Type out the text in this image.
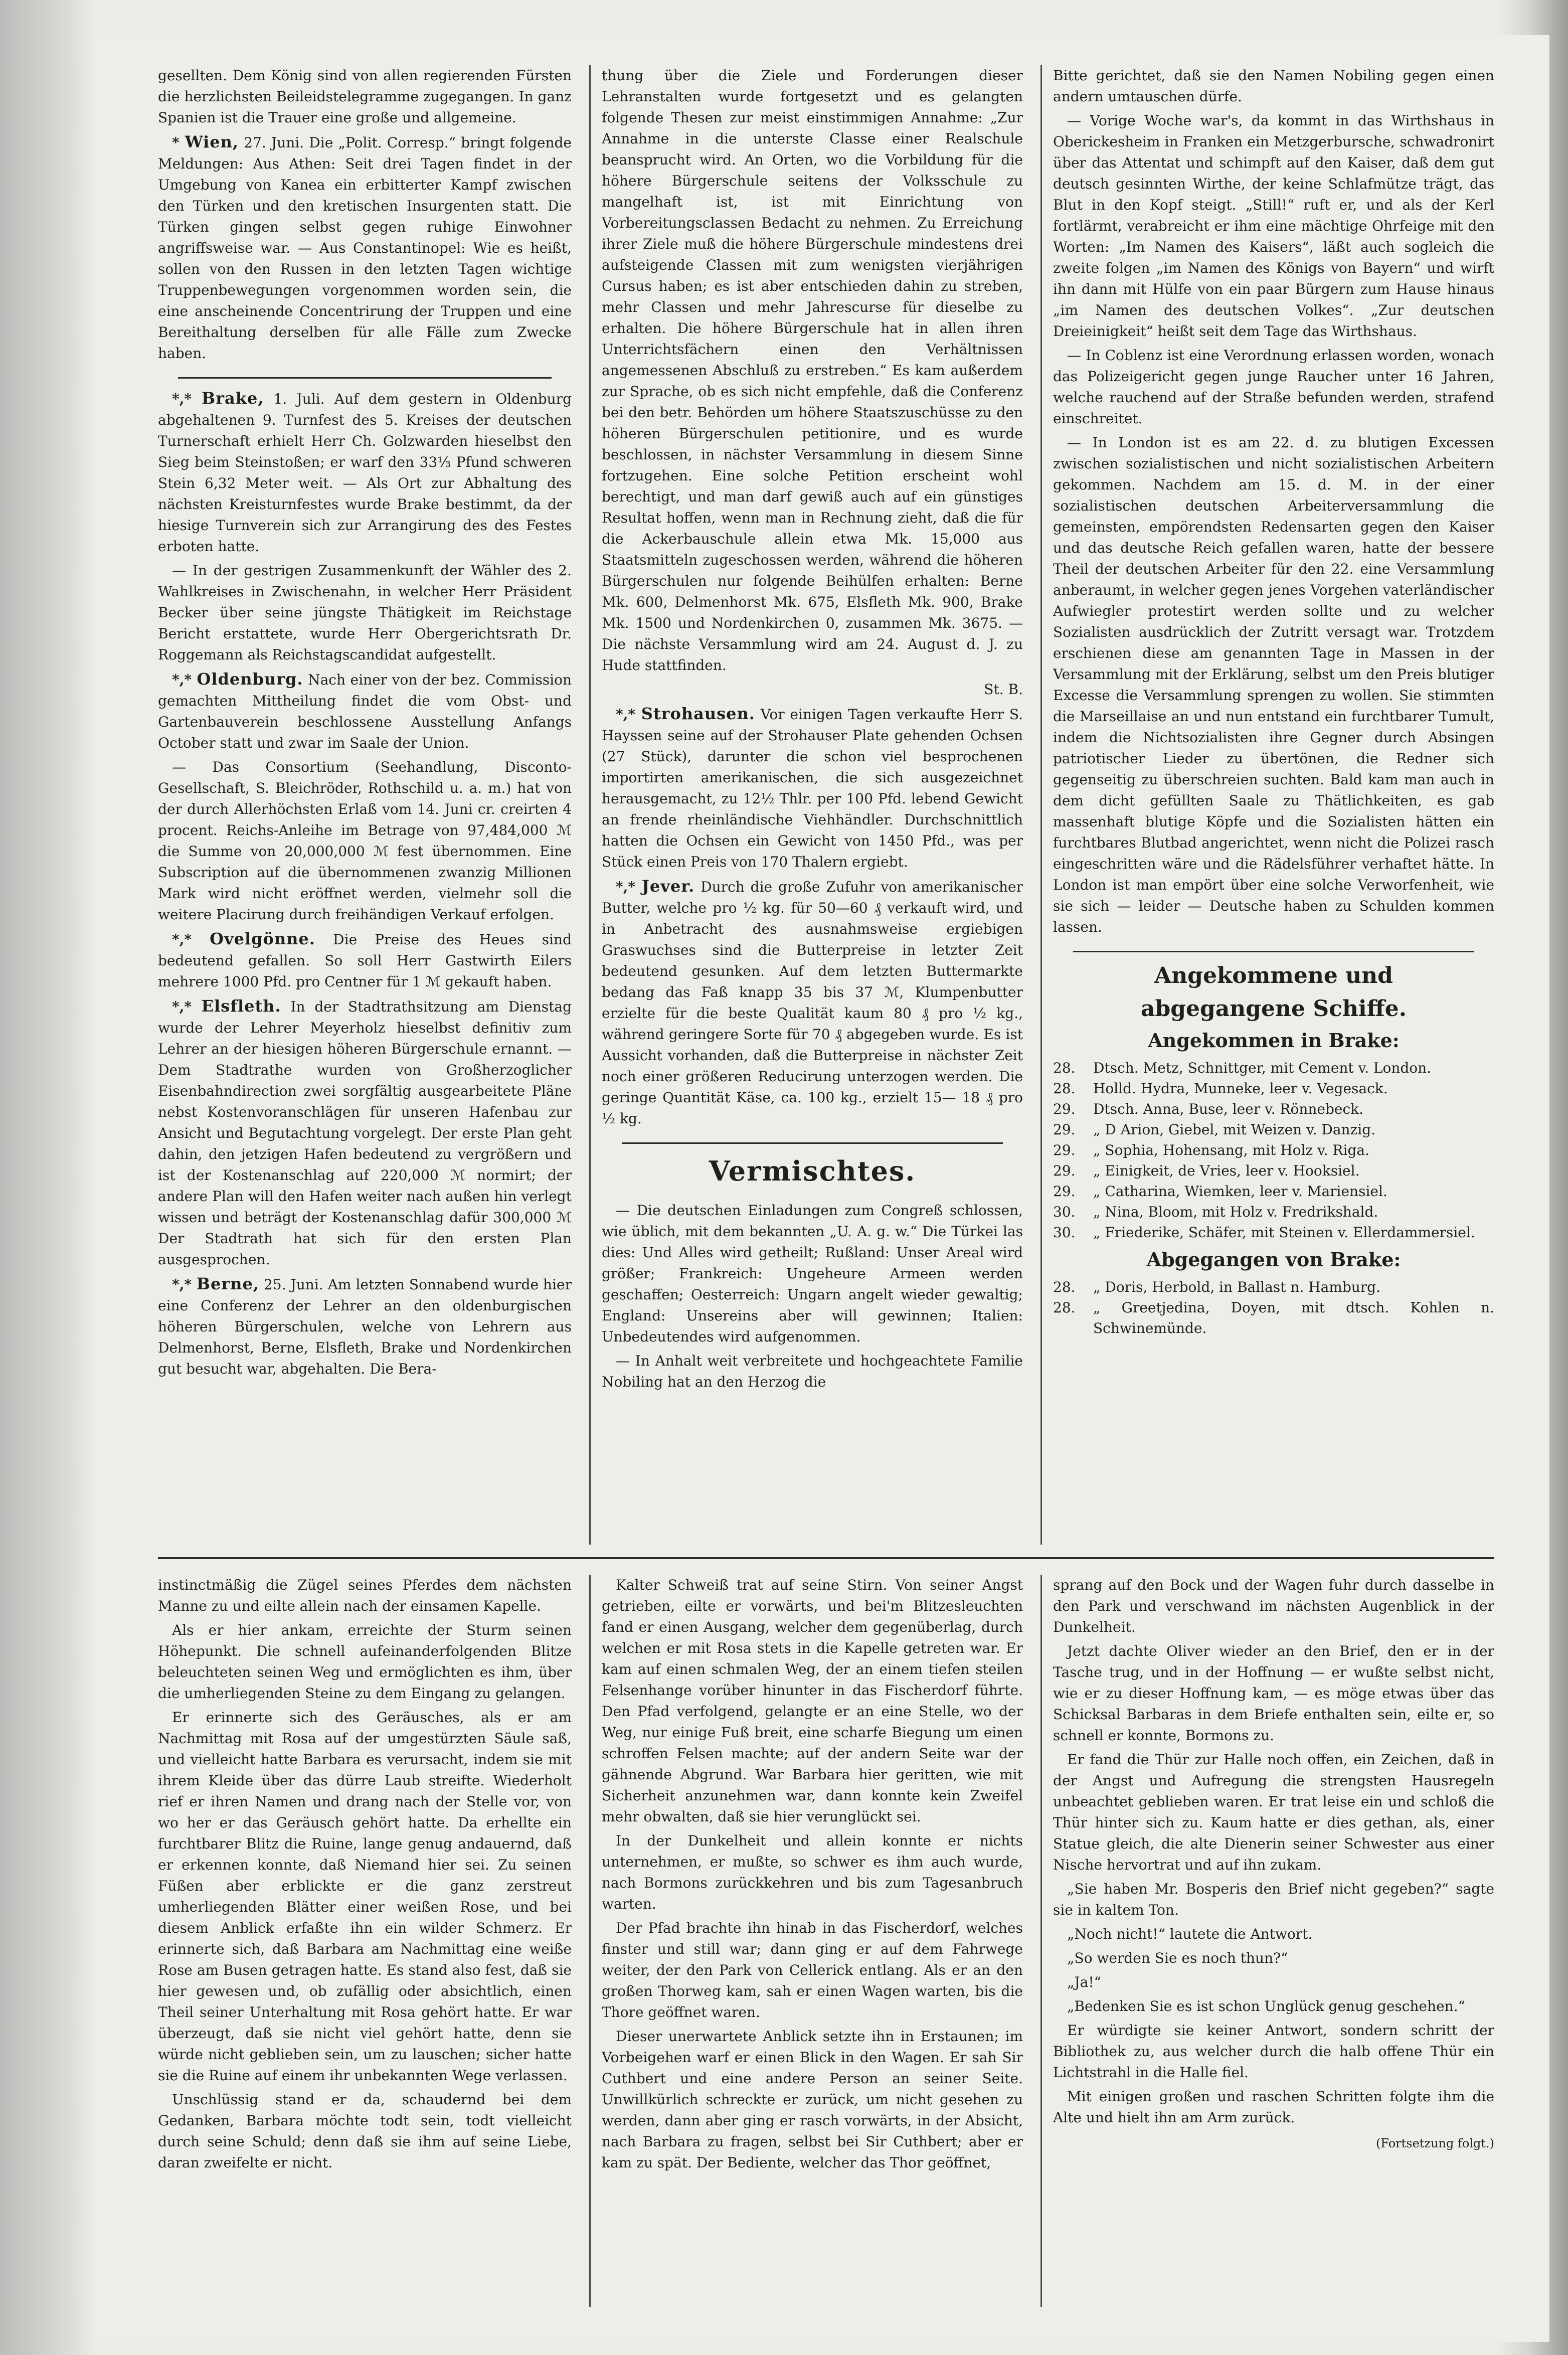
gesellten. Dem König sind von allen regierenden Fürsten die herzlichsten Beileidstelegramme zugegangen. In ganz Spanien ist die Trauer eine große und allgemeine.

* Wien, 27. Juni. Die „Polit. Corresp.“ bringt folgende Meldungen: Aus Athen: Seit drei Tagen findet in der Umgebung von Kanea ein erbitterter Kampf zwischen den Türken und den kretischen Insurgenten statt. Die Türken gingen selbst gegen ruhige Einwohner angriffsweise war. — Aus Constantinopel: Wie es heißt, sollen von den Russen in den letzten Tagen wichtige Truppenbewegungen vorgenommen worden sein, die eine anscheinende Concentrirung der Truppen und eine Bereithaltung derselben für alle Fälle zum Zwecke haben.

*,* Brake, 1. Juli. Auf dem gestern in Oldenburg abgehaltenen 9. Turnfest des 5. Kreises der deutschen Turnerschaft erhielt Herr Ch. Golzwarden hieselbst den Sieg beim Steinstoßen; er warf den 33⅓ Pfund schweren Stein 6,32 Meter weit. — Als Ort zur Abhaltung des nächsten Kreisturnfestes wurde Brake bestimmt, da der hiesige Turnverein sich zur Arrangirung des des Festes erboten hatte.

— In der gestrigen Zusammenkunft der Wähler des 2. Wahlkreises in Zwischenahn, in welcher Herr Präsident Becker über seine jüngste Thätigkeit im Reichstage Bericht erstattete, wurde Herr Obergerichtsrath Dr. Roggemann als Reichstagscandidat aufgestellt.

*,* Oldenburg. Nach einer von der bez. Commission gemachten Mittheilung findet die vom Obst- und Gartenbauverein beschlossene Ausstellung Anfangs October statt und zwar im Saale der Union.

— Das Consortium (Seehandlung, Disconto-Gesellschaft, S. Bleichröder, Rothschild u. a. m.) hat von der durch Allerhöchsten Erlaß vom 14. Juni cr. creirten 4 procent. Reichs-Anleihe im Betrage von 97,484,000 ℳ die Summe von 20,000,000 ℳ fest übernommen. Eine Subscription auf die übernommenen zwanzig Millionen Mark wird nicht eröffnet werden, vielmehr soll die weitere Placirung durch freihändigen Verkauf erfolgen.

*,* Ovelgönne. Die Preise des Heues sind bedeutend gefallen. So soll Herr Gastwirth Eilers mehrere 1000 Pfd. pro Centner für 1 ℳ gekauft haben.

*,* Elsfleth. In der Stadtrathsitzung am Dienstag wurde der Lehrer Meyerholz hieselbst definitiv zum Lehrer an der hiesigen höheren Bürgerschule ernannt. — Dem Stadtrathe wurden von Großherzoglicher Eisenbahndirection zwei sorgfältig ausgearbeitete Pläne nebst Kostenvoranschlägen für unseren Hafenbau zur Ansicht und Begutachtung vorgelegt. Der erste Plan geht dahin, den jetzigen Hafen bedeutend zu vergrößern und ist der Kostenanschlag auf 220,000 ℳ normirt; der andere Plan will den Hafen weiter nach außen hin verlegt wissen und beträgt der Kostenanschlag dafür 300,000 ℳ Der Stadtrath hat sich für den ersten Plan ausgesprochen.

*,* Berne, 25. Juni. Am letzten Sonnabend wurde hier eine Conferenz der Lehrer an den oldenburgischen höheren Bürgerschulen, welche von Lehrern aus Delmenhorst, Berne, Elsfleth, Brake und Nordenkirchen gut besucht war, abgehalten. Die Bera-

thung über die Ziele und Forderungen dieser Lehranstalten wurde fortgesetzt und es gelangten folgende Thesen zur meist einstimmigen Annahme: „Zur Annahme in die unterste Classe einer Realschule beansprucht wird. An Orten, wo die Vorbildung für die höhere Bürgerschule seitens der Volksschule zu mangelhaft ist, ist mit Einrichtung von Vorbereitungsclassen Bedacht zu nehmen. Zu Erreichung ihrer Ziele muß die höhere Bürgerschule mindestens drei aufsteigende Classen mit zum wenigsten vierjährigen Cursus haben; es ist aber entschieden dahin zu streben, mehr Classen und mehr Jahrescurse für dieselbe zu erhalten. Die höhere Bürgerschule hat in allen ihren Unterrichtsfächern einen den Verhältnissen angemessenen Abschluß zu erstreben.“ Es kam außerdem zur Sprache, ob es sich nicht empfehle, daß die Conferenz bei den betr. Behörden um höhere Staatszuschüsse zu den höheren Bürgerschulen petitionire, und es wurde beschlossen, in nächster Versammlung in diesem Sinne fortzugehen. Eine solche Petition erscheint wohl berechtigt, und man darf gewiß auch auf ein günstiges Resultat hoffen, wenn man in Rechnung zieht, daß die für die Ackerbauschule allein etwa Mk. 15,000 aus Staatsmitteln zugeschossen werden, während die höheren Bürgerschulen nur folgende Beihülfen erhalten: Berne Mk. 600, Delmenhorst Mk. 675, Elsfleth Mk. 900, Brake Mk. 1500 und Nordenkirchen 0, zusammen Mk. 3675. — Die nächste Versammlung wird am 24. August d. J. zu Hude stattfinden.

St. B.

*,* Strohausen. Vor einigen Tagen verkaufte Herr S. Hayssen seine auf der Strohauser Plate gehenden Ochsen (27 Stück), darunter die schon viel besprochenen importirten amerikanischen, die sich ausgezeichnet herausgemacht, zu 12½ Thlr. per 100 Pfd. lebend Gewicht an frende rheinländische Viehhändler. Durchschnittlich hatten die Ochsen ein Gewicht von 1450 Pfd., was per Stück einen Preis von 170 Thalern ergiebt.

*,* Jever. Durch die große Zufuhr von amerikanischer Butter, welche pro ½ kg. für 50—60 ₰ verkauft wird, und in Anbetracht des ausnahmsweise ergiebigen Graswuchses sind die Butterpreise in letzter Zeit bedeutend gesunken. Auf dem letzten Buttermarkte bedang das Faß knapp 35 bis 37 ℳ, Klumpenbutter erzielte für die beste Qualität kaum 80 ₰ pro ½ kg., während geringere Sorte für 70 ₰ abgegeben wurde. Es ist Aussicht vorhanden, daß die Butterpreise in nächster Zeit noch einer größeren Reducirung unterzogen werden. Die geringe Quantität Käse, ca. 100 kg., erzielt 15— 18 ₰ pro ½ kg.

Vermischtes.

— Die deutschen Einladungen zum Congreß schlossen, wie üblich, mit dem bekannten „U. A. g. w.“ Die Türkei las dies: Und Alles wird getheilt; Rußland: Unser Areal wird größer; Frankreich: Ungeheure Armeen werden geschaffen; Oesterreich: Ungarn angelt wieder gewaltig; England: Unsereins aber will gewinnen; Italien: Unbedeutendes wird aufgenommen.

— In Anhalt weit verbreitete und hochgeachtete Familie Nobiling hat an den Herzog die

Bitte gerichtet, daß sie den Namen Nobiling gegen einen andern umtauschen dürfe.

— Vorige Woche war's, da kommt in das Wirthshaus in Oberickesheim in Franken ein Metzgerbursche, schwadronirt über das Attentat und schimpft auf den Kaiser, daß dem gut deutsch gesinnten Wirthe, der keine Schlafmütze trägt, das Blut in den Kopf steigt. „Still!“ ruft er, und als der Kerl fortlärmt, verabreicht er ihm eine mächtige Ohrfeige mit den Worten: „Im Namen des Kaisers“, läßt auch sogleich die zweite folgen „im Namen des Königs von Bayern“ und wirft ihn dann mit Hülfe von ein paar Bürgern zum Hause hinaus „im Namen des deutschen Volkes“. „Zur deutschen Dreieinigkeit“ heißt seit dem Tage das Wirthshaus.

— In Coblenz ist eine Verordnung erlassen worden, wonach das Polizeigericht gegen junge Raucher unter 16 Jahren, welche rauchend auf der Straße befunden werden, strafend einschreitet.

— In London ist es am 22. d. zu blutigen Excessen zwischen sozialistischen und nicht sozialistischen Arbeitern gekommen. Nachdem am 15. d. M. in der einer sozialistischen deutschen Arbeiterversammlung die gemeinsten, empörendsten Redensarten gegen den Kaiser und das deutsche Reich gefallen waren, hatte der bessere Theil der deutschen Arbeiter für den 22. eine Versammlung anberaumt, in welcher gegen jenes Vorgehen vaterländischer Aufwiegler protestirt werden sollte und zu welcher Sozialisten ausdrücklich der Zutritt versagt war. Trotzdem erschienen diese am genannten Tage in Massen in der Versammlung mit der Erklärung, selbst um den Preis blutiger Excesse die Versammlung sprengen zu wollen. Sie stimmten die Marseillaise an und nun entstand ein furchtbarer Tumult, indem die Nichtsozialisten ihre Gegner durch Absingen patriotischer Lieder zu übertönen, die Redner sich gegenseitig zu überschreien suchten. Bald kam man auch in dem dicht gefüllten Saale zu Thätlichkeiten, es gab massenhaft blutige Köpfe und die Sozialisten hätten ein furchtbares Blutbad angerichtet, wenn nicht die Polizei rasch eingeschritten wäre und die Rädelsführer verhaftet hätte. In London ist man empört über eine solche Verworfenheit, wie sie sich — leider — Deutsche haben zu Schulden kommen lassen.

Angekommene und
abgegangene Schiffe.
Angekommen in Brake:
28.	Dtsch. Metz, Schnittger, mit Cement v. London.
28.	Holld. Hydra, Munneke, leer v. Vegesack.
29.	Dtsch. Anna, Buse, leer v. Rönnebeck.
29.	„ D Arion, Giebel, mit Weizen v. Danzig.
29.	„ Sophia, Hohensang, mit Holz v. Riga.
29.	„ Einigkeit, de Vries, leer v. Hooksiel.
29.	„ Catharina, Wiemken, leer v. Mariensiel.
30.	„ Nina, Bloom, mit Holz v. Fredrikshald.
30.	„ Friederike, Schäfer, mit Steinen v. Ellerdammersiel.
Abgegangen von Brake:
28.	„ Doris, Herbold, in Ballast n. Hamburg.
28.	„ Greetjedina, Doyen, mit dtsch. Kohlen n. Schwinemünde.

instinctmäßig die Zügel seines Pferdes dem nächsten Manne zu und eilte allein nach der einsamen Kapelle.

Als er hier ankam, erreichte der Sturm seinen Höhepunkt. Die schnell aufeinanderfolgenden Blitze beleuchteten seinen Weg und ermöglichten es ihm, über die umherliegenden Steine zu dem Eingang zu gelangen.

Er erinnerte sich des Geräusches, als er am Nachmittag mit Rosa auf der umgestürzten Säule saß, und vielleicht hatte Barbara es verursacht, indem sie mit ihrem Kleide über das dürre Laub streifte. Wiederholt rief er ihren Namen und drang nach der Stelle vor, von wo her er das Geräusch gehört hatte. Da erhellte ein furchtbarer Blitz die Ruine, lange genug andauernd, daß er erkennen konnte, daß Niemand hier sei. Zu seinen Füßen aber erblickte er die ganz zerstreut umherliegenden Blätter einer weißen Rose, und bei diesem Anblick erfaßte ihn ein wilder Schmerz. Er erinnerte sich, daß Barbara am Nachmittag eine weiße Rose am Busen getragen hatte. Es stand also fest, daß sie hier gewesen und, ob zufällig oder absichtlich, einen Theil seiner Unterhaltung mit Rosa gehört hatte. Er war überzeugt, daß sie nicht viel gehört hatte, denn sie würde nicht geblieben sein, um zu lauschen; sicher hatte sie die Ruine auf einem ihr unbekannten Wege verlassen.

Unschlüssig stand er da, schaudernd bei dem Gedanken, Barbara möchte todt sein, todt vielleicht durch seine Schuld; denn daß sie ihm auf seine Liebe, daran zweifelte er nicht.

Kalter Schweiß trat auf seine Stirn. Von seiner Angst getrieben, eilte er vorwärts, und bei'm Blitzesleuchten fand er einen Ausgang, welcher dem gegenüberlag, durch welchen er mit Rosa stets in die Kapelle getreten war. Er kam auf einen schmalen Weg, der an einem tiefen steilen Felsenhange vorüber hinunter in das Fischerdorf führte. Den Pfad verfolgend, gelangte er an eine Stelle, wo der Weg, nur einige Fuß breit, eine scharfe Biegung um einen schroffen Felsen machte; auf der andern Seite war der gähnende Abgrund. War Barbara hier geritten, wie mit Sicherheit anzunehmen war, dann konnte kein Zweifel mehr obwalten, daß sie hier verunglückt sei.

In der Dunkelheit und allein konnte er nichts unternehmen, er mußte, so schwer es ihm auch wurde, nach Bormons zurückkehren und bis zum Tagesanbruch warten.

Der Pfad brachte ihn hinab in das Fischerdorf, welches finster und still war; dann ging er auf dem Fahrwege weiter, der den Park von Cellerick entlang. Als er an den großen Thorweg kam, sah er einen Wagen warten, bis die Thore geöffnet waren.

Dieser unerwartete Anblick setzte ihn in Erstaunen; im Vorbeigehen warf er einen Blick in den Wagen. Er sah Sir Cuthbert und eine andere Person an seiner Seite. Unwillkürlich schreckte er zurück, um nicht gesehen zu werden, dann aber ging er rasch vorwärts, in der Absicht, nach Barbara zu fragen, selbst bei Sir Cuthbert; aber er kam zu spät. Der Bediente, welcher das Thor geöffnet,

sprang auf den Bock und der Wagen fuhr durch dasselbe in den Park und verschwand im nächsten Augenblick in der Dunkelheit.

Jetzt dachte Oliver wieder an den Brief, den er in der Tasche trug, und in der Hoffnung — er wußte selbst nicht, wie er zu dieser Hoffnung kam, — es möge etwas über das Schicksal Barbaras in dem Briefe enthalten sein, eilte er, so schnell er konnte, Bormons zu.

Er fand die Thür zur Halle noch offen, ein Zeichen, daß in der Angst und Aufregung die strengsten Hausregeln unbeachtet geblieben waren. Er trat leise ein und schloß die Thür hinter sich zu. Kaum hatte er dies gethan, als, einer Statue gleich, die alte Dienerin seiner Schwester aus einer Nische hervortrat und auf ihn zukam.

„Sie haben Mr. Bosperis den Brief nicht gegeben?“ sagte sie in kaltem Ton.

„Noch nicht!“ lautete die Antwort.

„So werden Sie es noch thun?“

„Ja!“

„Bedenken Sie es ist schon Unglück genug geschehen.“

Er würdigte sie keiner Antwort, sondern schritt der Bibliothek zu, aus welcher durch die halb offene Thür ein Lichtstrahl in die Halle fiel.

Mit einigen großen und raschen Schritten folgte ihm die Alte und hielt ihn am Arm zurück.

(Fortsetzung folgt.)
